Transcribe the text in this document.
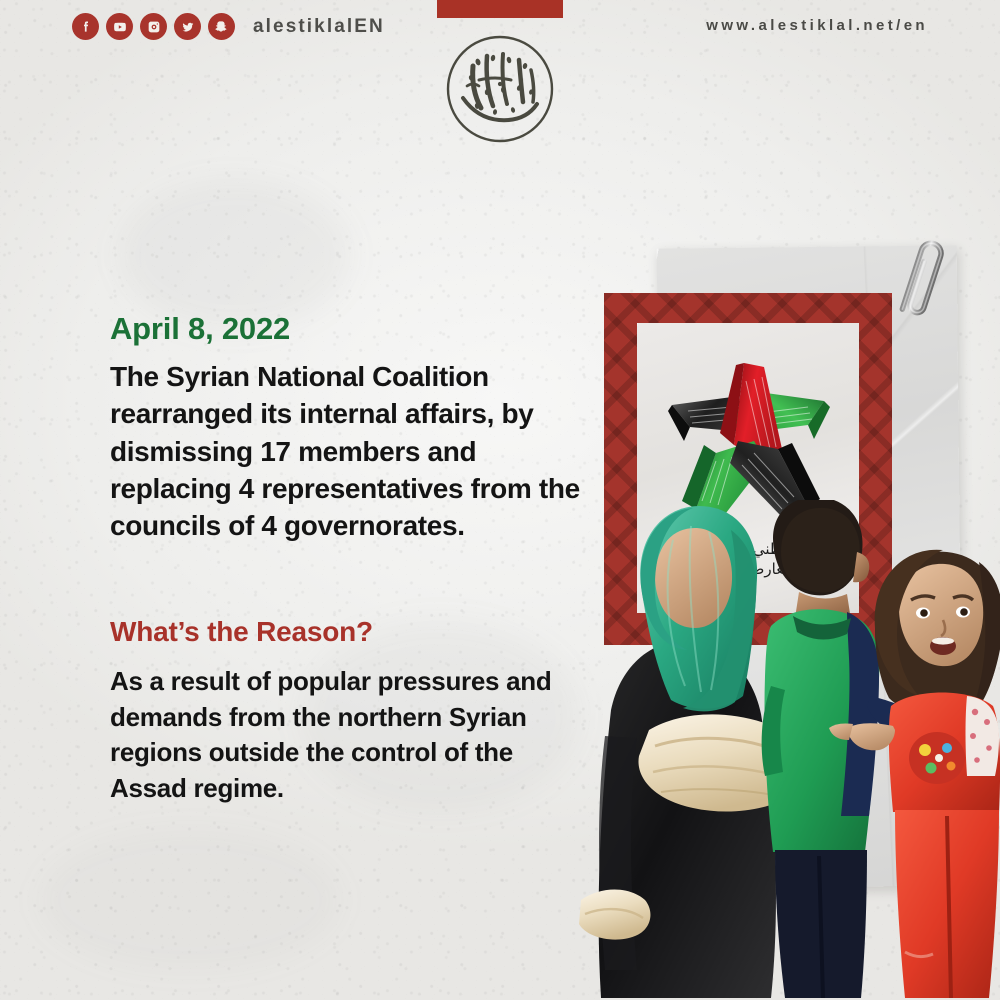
alestiklalEN	www.alestiklal.net/en
والمعارضة
April 8, 2022
The Syrian National Coalition rearranged its internal affairs, by dismissing 17 members and replacing 4 representatives from the councils of 4 governorates.
What’s the Reason?
As a result of popular pressures and demands from the northern Syrian regions outside the control of the Assad regime.
